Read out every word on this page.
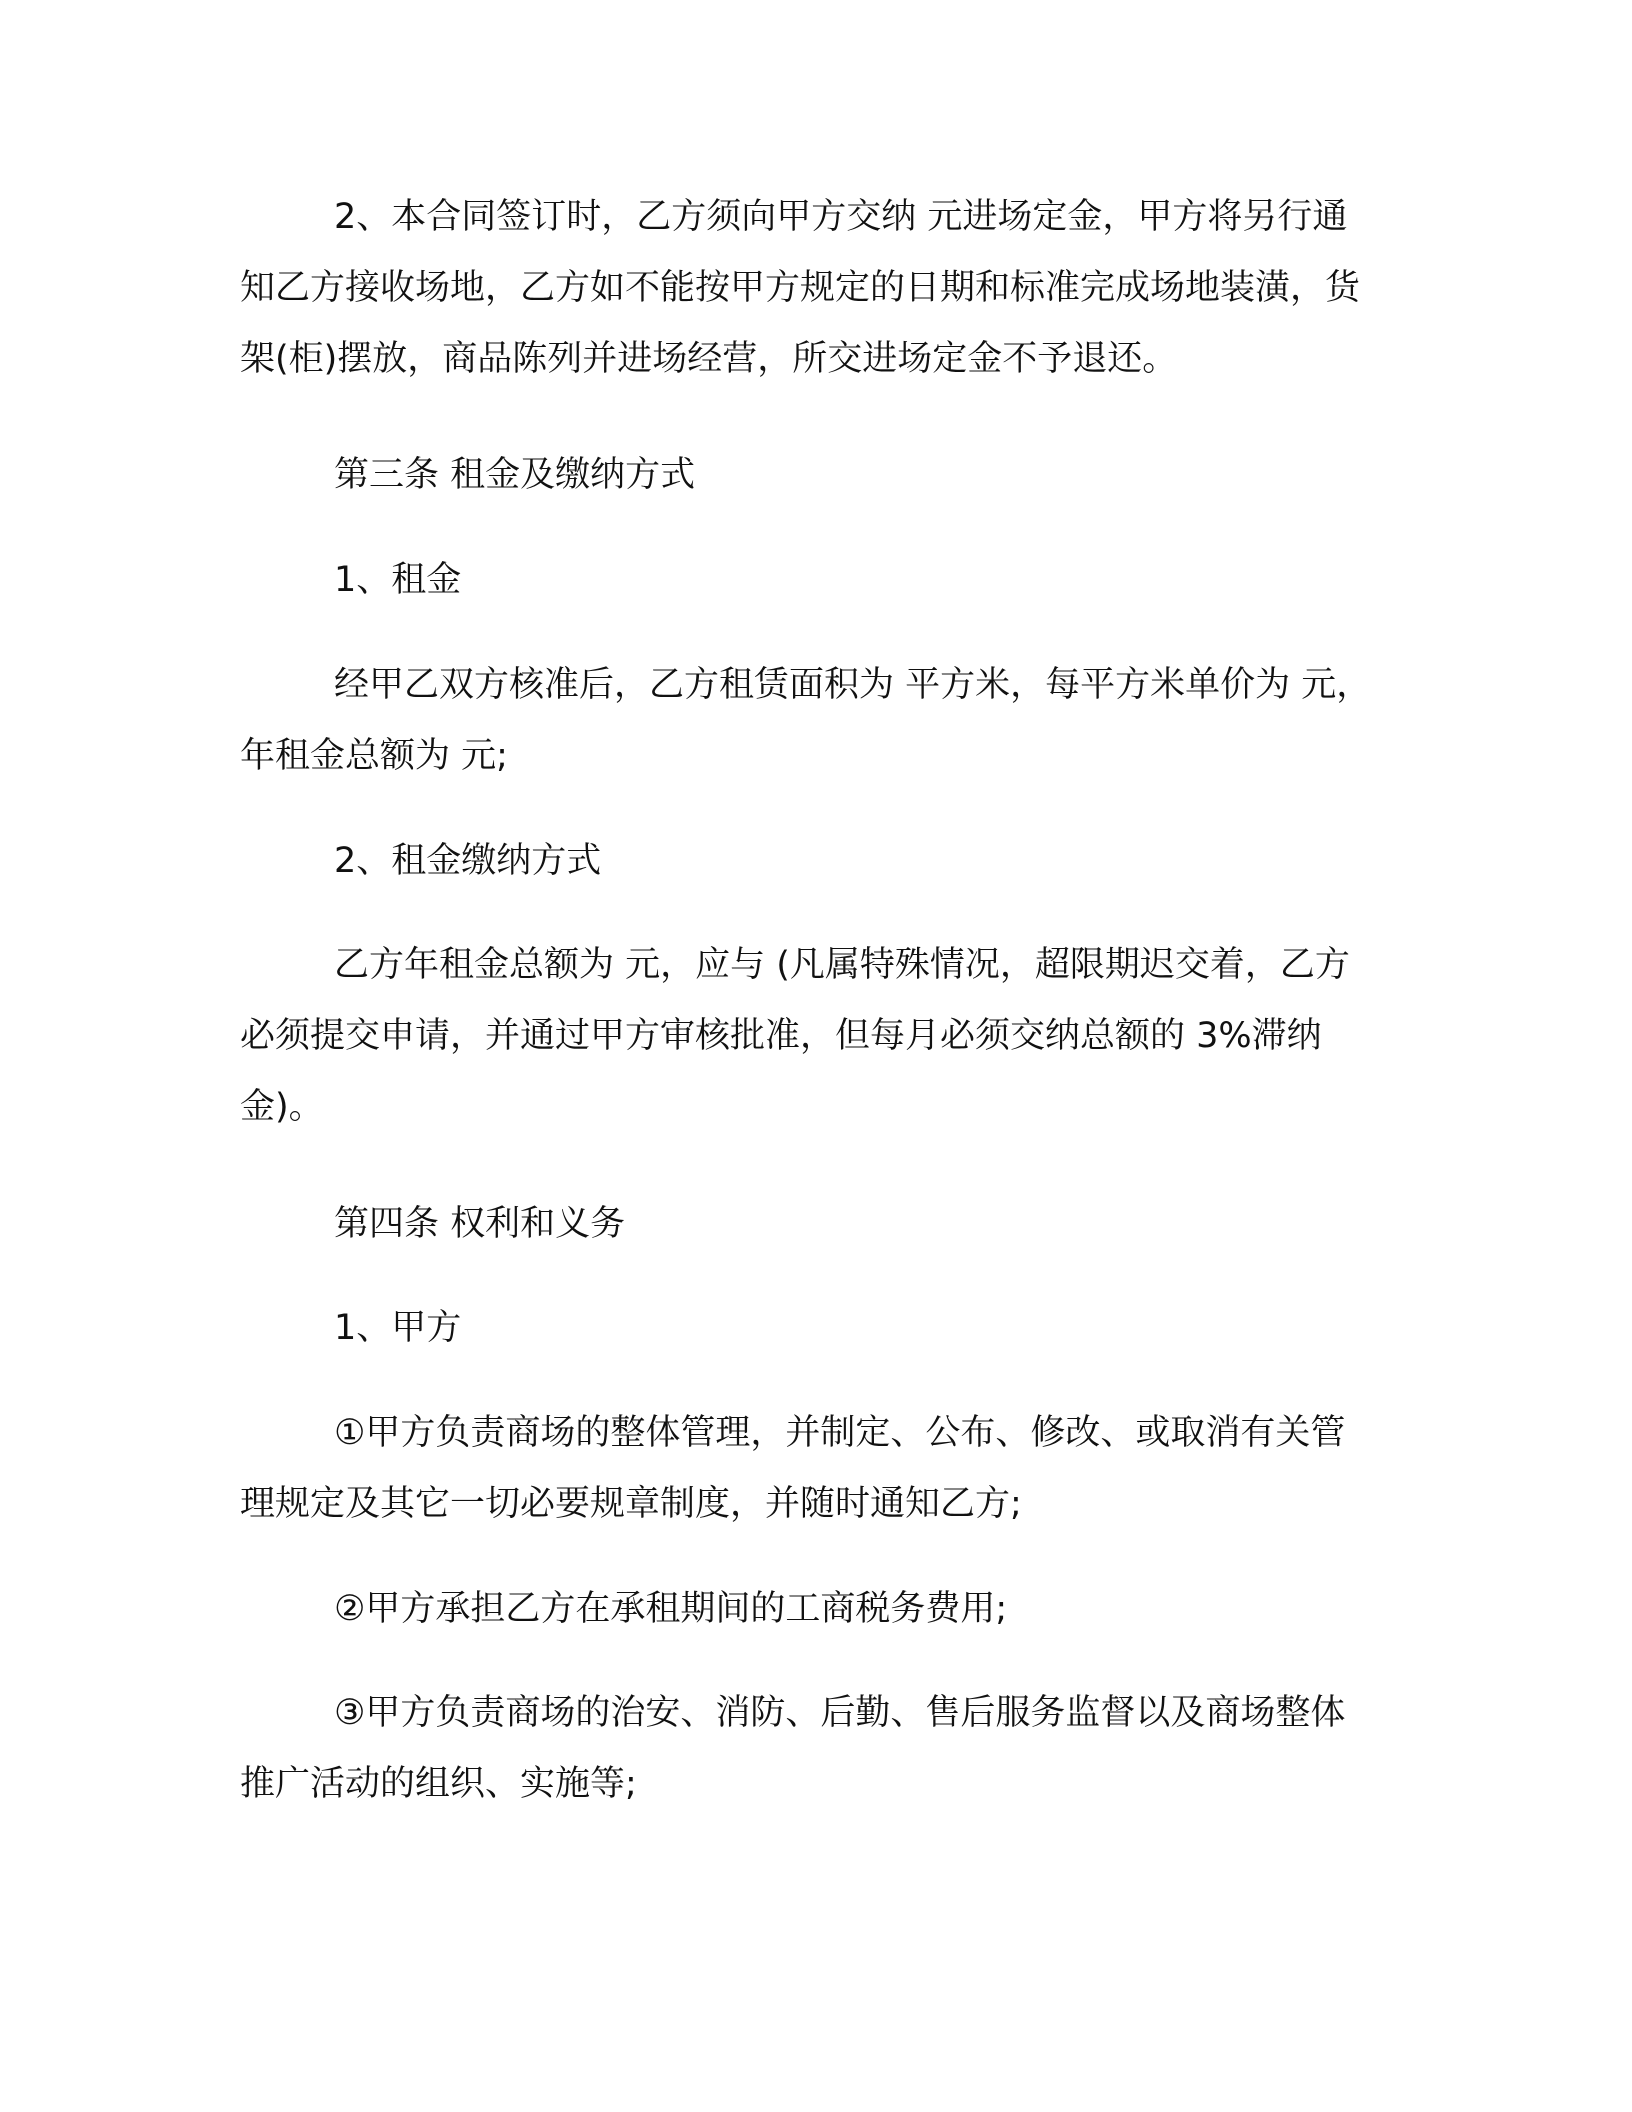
2、本合同签订时，乙方须向甲方交纳 元进场定金，甲方将另行通知乙方接收场地，乙方如不能按甲方规定的日期和标准完成场地装潢，货架(柜)摆放，商品陈列并进场经营，所交进场定金不予退还。

第三条 租金及缴纳方式

1、租金

经甲乙双方核准后，乙方租赁面积为 平方米，每平方米单价为 元，年租金总额为 元;

2、租金缴纳方式

乙方年租金总额为 元，应与 (凡属特殊情况，超限期迟交着，乙方必须提交申请，并通过甲方审核批准，但每月必须交纳总额的 3%滞纳金)。

第四条 权利和义务

1、甲方

①甲方负责商场的整体管理，并制定、公布、修改、或取消有关管理规定及其它一切必要规章制度，并随时通知乙方;

②甲方承担乙方在承租期间的工商税务费用;

③甲方负责商场的治安、消防、后勤、售后服务监督以及商场整体推广活动的组织、实施等;
